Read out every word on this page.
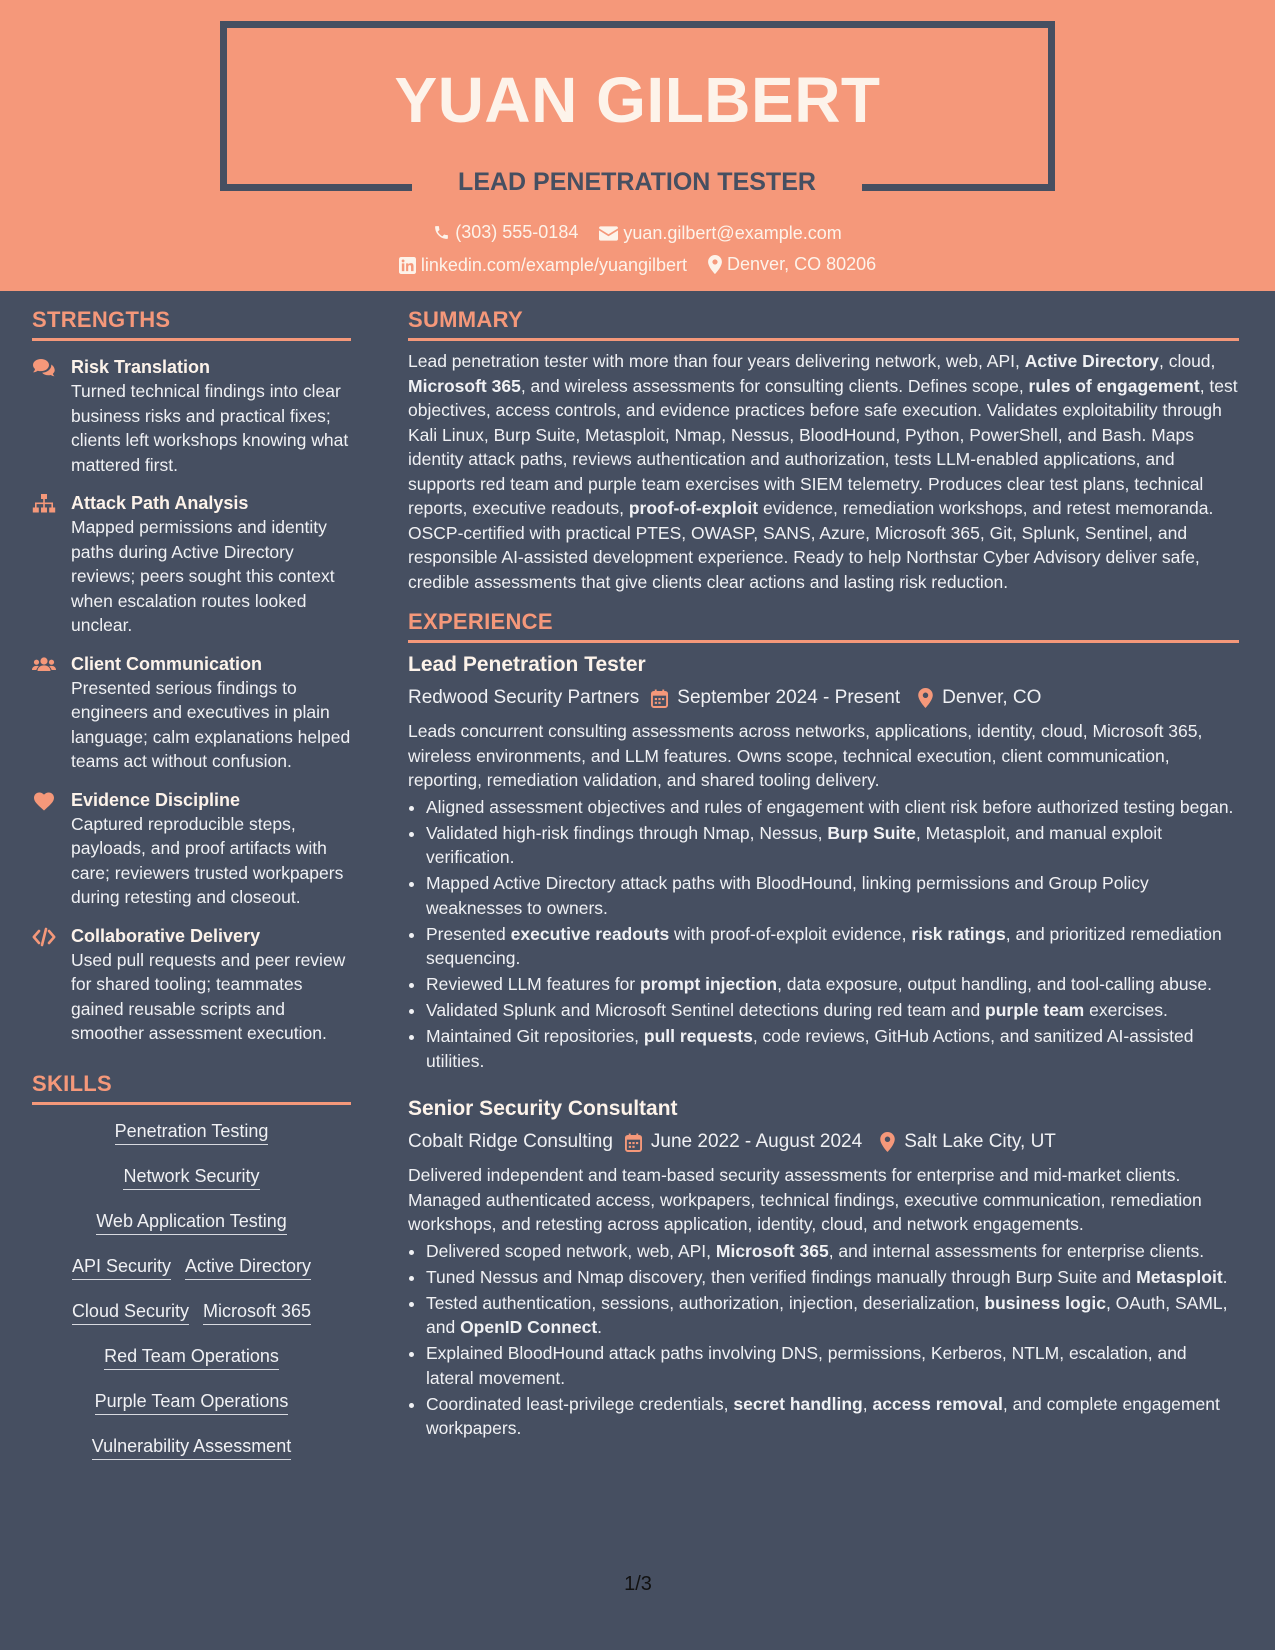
YUAN GILBERT
LEAD PENETRATION TESTER
(303) 555-0184
	yuan.gilbert@example.com
linkedin.com/example/yuangilbert
Denver, CO 80206
STRENGTHS
Risk Translation
Turned technical findings into clear business risks and practical fixes; clients left workshops knowing what mattered first.
Attack Path Analysis
Mapped permissions and identity paths during Active Directory reviews; peers sought this context when escalation routes looked unclear.
Client Communication
Presented serious findings to engineers and executives in plain language; calm explanations helped teams act without confusion.
Evidence Discipline
Captured reproducible steps, payloads, and proof artifacts with care; reviewers trusted workpapers during retesting and closeout.
Collaborative Delivery
Used pull requests and peer review for shared tooling; teammates gained reusable scripts and smoother assessment execution.
SKILLS
Penetration Testing
Network Security
Web Application Testing
API Security Active Directory
Cloud Security Microsoft 365
Red Team Operations
Purple Team Operations
Vulnerability Assessment
SUMMARY

Lead penetration tester with more than four years delivering network, web, API, Active Directory, cloud, Microsoft 365, and wireless assessments for consulting clients. Defines scope, rules of engagement, test objectives, access controls, and evidence practices before safe execution. Validates exploitability through Kali Linux, Burp Suite, Metasploit, Nmap, Nessus, BloodHound, Python, PowerShell, and Bash. Maps identity attack paths, reviews authentication and authorization, tests LLM-enabled applications, and supports red team and purple team exercises with SIEM telemetry. Produces clear test plans, technical reports, executive readouts, proof-of-exploit evidence, remediation workshops, and retest memoranda. OSCP-certified with practical PTES, OWASP, SANS, Azure, Microsoft 365, Git, Splunk, Sentinel, and responsible AI-assisted development experience. Ready to help Northstar Cyber Advisory deliver safe, credible assessments that give clients clear actions and lasting risk reduction.

EXPERIENCE
Lead Penetration Tester
Redwood Security Partners September 2024 - Present Denver, CO

Leads concurrent consulting assessments across networks, applications, identity, cloud, Microsoft 365, wireless environments, and LLM features. Owns scope, technical execution, client communication, reporting, remediation validation, and shared tooling delivery.

• Aligned assessment objectives and rules of engagement with client risk before authorized testing began.
• Validated high-risk findings through Nmap, Nessus, Burp Suite, Metasploit, and manual exploit verification.
• Mapped Active Directory attack paths with BloodHound, linking permissions and Group Policy weaknesses to owners.
• Presented executive readouts with proof-of-exploit evidence, risk ratings, and prioritized remediation sequencing.
• Reviewed LLM features for prompt injection, data exposure, output handling, and tool-calling abuse.
• Validated Splunk and Microsoft Sentinel detections during red team and purple team exercises.
• Maintained Git repositories, pull requests, code reviews, GitHub Actions, and sanitized AI-assisted utilities.
Senior Security Consultant
Cobalt Ridge Consulting June 2022 - August 2024 Salt Lake City, UT

Delivered independent and team-based security assessments for enterprise and mid-market clients. Managed authenticated access, workpapers, technical findings, executive communication, remediation workshops, and retesting across application, identity, cloud, and network engagements.

• Delivered scoped network, web, API, Microsoft 365, and internal assessments for enterprise clients.
• Tuned Nessus and Nmap discovery, then verified findings manually through Burp Suite and Metasploit.
• Tested authentication, sessions, authorization, injection, deserialization, business logic, OAuth, SAML, and OpenID Connect.
• Explained BloodHound attack paths involving DNS, permissions, Kerberos, NTLM, escalation, and lateral movement.
• Coordinated least-privilege credentials, secret handling, access removal, and complete engagement workpapers.
1/3
